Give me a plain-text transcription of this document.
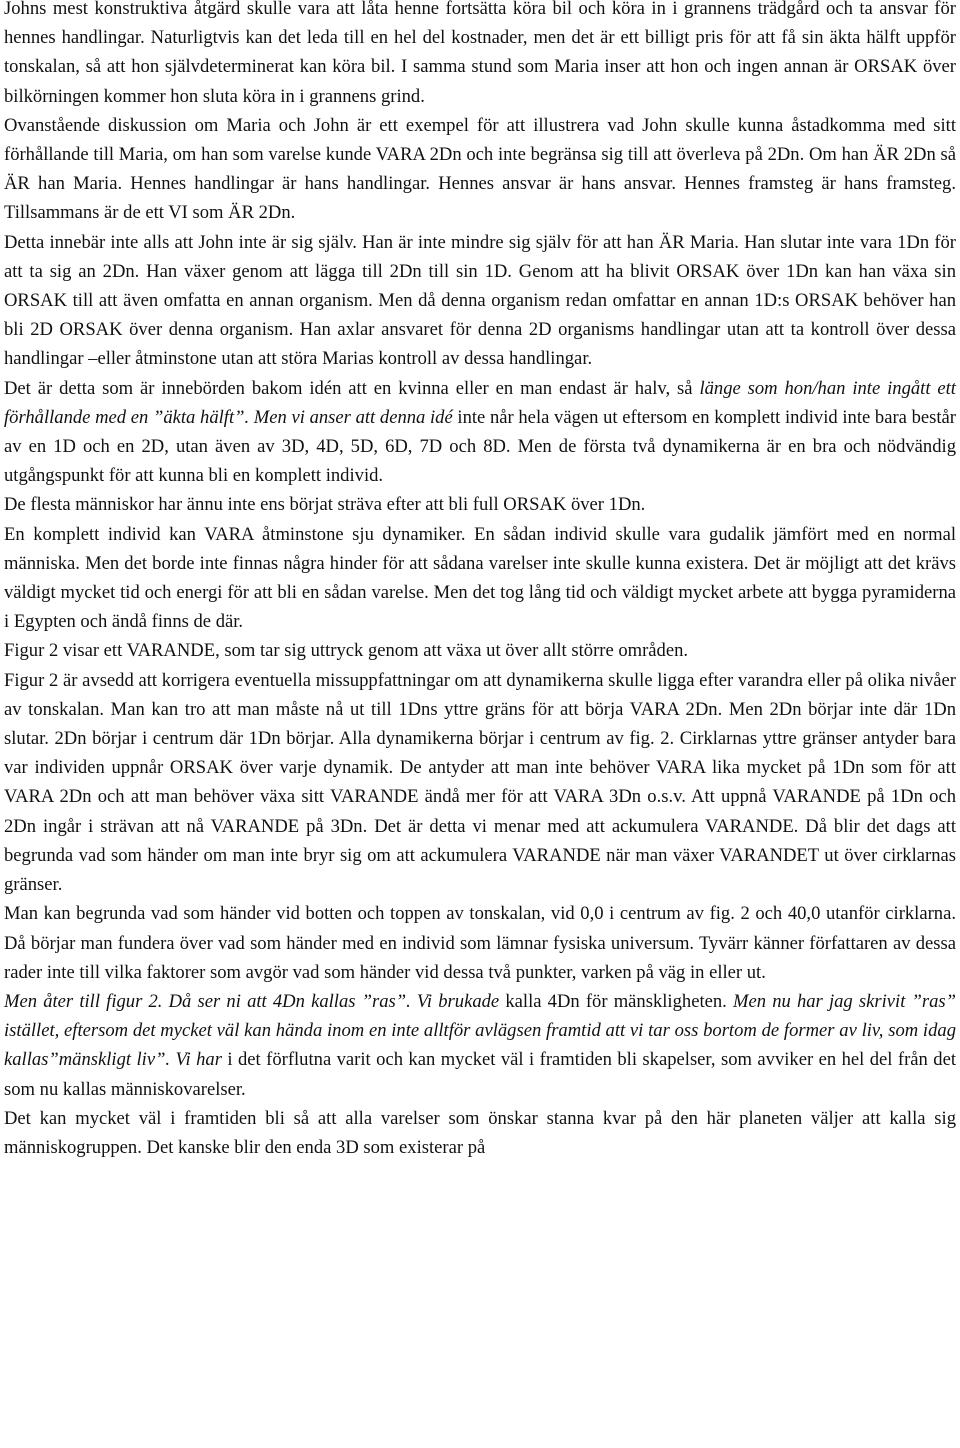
Johns mest konstruktiva åtgärd skulle vara att låta henne fortsätta köra bil och köra in i grannens trädgård och ta ansvar för hennes handlingar. Naturligtvis kan det leda till en hel del kostnader, men det är ett billigt pris för att få sin äkta hälft uppför tonskalan, så att hon självdeterminerat kan köra bil. I samma stund som Maria inser att hon och ingen annan är ORSAK över bilkörningen kommer hon sluta köra in i grannens grind.

Ovanstående diskussion om Maria och John är ett exempel för att illustrera vad John skulle kunna åstadkomma med sitt förhållande till Maria, om han som varelse kunde VARA 2Dn och inte begränsa sig till att överleva på 2Dn. Om han ÄR 2Dn så ÄR han Maria. Hennes handlingar är hans handlingar. Hennes ansvar är hans ansvar. Hennes framsteg är hans framsteg. Tillsammans är de ett VI som ÄR 2Dn.

Detta innebär inte alls att John inte är sig själv. Han är inte mindre sig själv för att han ÄR Maria. Han slutar inte vara 1Dn för att ta sig an 2Dn. Han växer genom att lägga till 2Dn till sin 1D. Genom att ha blivit ORSAK över 1Dn kan han växa sin ORSAK till att även omfatta en annan organism. Men då denna organism redan omfattar en annan 1D:s ORSAK behöver han bli 2D ORSAK över denna organism. Han axlar ansvaret för denna 2D organisms handlingar utan att ta kontroll över dessa handlingar –eller åtminstone utan att störa Marias kontroll av dessa handlingar.

Det är detta som är innebörden bakom idén att en kvinna eller en man endast är halv, så länge som hon/han inte ingått ett förhållande med en ”äkta hälft”. Men vi anser att denna idé inte når hela vägen ut eftersom en komplett individ inte bara består av en 1D och en 2D, utan även av 3D, 4D, 5D, 6D, 7D och 8D. Men de första två dynamikerna är en bra och nödvändig utgångspunkt för att kunna bli en komplett individ.

De flesta människor har ännu inte ens börjat sträva efter att bli full ORSAK över 1Dn.

En komplett individ kan VARA åtminstone sju dynamiker. En sådan individ skulle vara gudalik jämfört med en normal människa. Men det borde inte finnas några hinder för att sådana varelser inte skulle kunna existera. Det är möjligt att det krävs väldigt mycket tid och energi för att bli en sådan varelse. Men det tog lång tid och väldigt mycket arbete att bygga pyramiderna i Egypten och ändå finns de där.

Figur 2 visar ett VARANDE, som tar sig uttryck genom att växa ut över allt större områden.

Figur 2 är avsedd att korrigera eventuella missuppfattningar om att dynamikerna skulle ligga efter varandra eller på olika nivåer av tonskalan. Man kan tro att man måste nå ut till 1Dns yttre gräns för att börja VARA 2Dn. Men 2Dn börjar inte där 1Dn slutar. 2Dn börjar i centrum där 1Dn börjar. Alla dynamikerna börjar i centrum av fig. 2. Cirklarnas yttre gränser antyder bara var individen uppnår ORSAK över varje dynamik. De antyder att man inte behöver VARA lika mycket på 1Dn som för att VARA 2Dn och att man behöver växa sitt VARANDE ändå mer för att VARA 3Dn o.s.v. Att uppnå VARANDE på 1Dn och 2Dn ingår i strävan att nå VARANDE på 3Dn. Det är detta vi menar med att ackumulera VARANDE. Då blir det dags att begrunda vad som händer om man inte bryr sig om att ackumulera VARANDE när man växer VARANDET ut över cirklarnas gränser.

Man kan begrunda vad som händer vid botten och toppen av tonskalan, vid 0,0 i centrum av fig. 2 och 40,0 utanför cirklarna. Då börjar man fundera över vad som händer med en individ som lämnar fysiska universum. Tyvärr känner författaren av dessa rader inte till vilka faktorer som avgör vad som händer vid dessa två punkter, varken på väg in eller ut.

Men åter till figur 2. Då ser ni att 4Dn kallas ”ras”. Vi brukade kalla 4Dn för mänskligheten. Men nu har jag skrivit ”ras” istället, eftersom det mycket väl kan hända inom en inte alltför avlägsen framtid att vi tar oss bortom de former av liv, som idag kallas”mänskligt liv”. Vi har i det förflutna varit och kan mycket väl i framtiden bli skapelser, som avviker en hel del från det som nu kallas människovarelser.

Det kan mycket väl i framtiden bli så att alla varelser som önskar stanna kvar på den här planeten väljer att kalla sig människogruppen. Det kanske blir den enda 3D som existerar på
